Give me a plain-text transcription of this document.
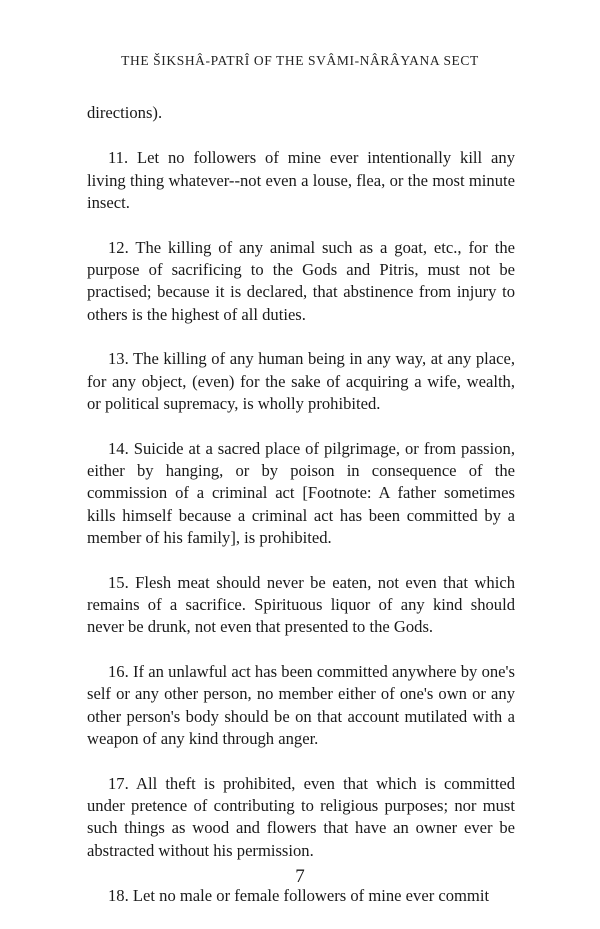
THE ŠIKSHÂ-PATRÎ OF THE SVÂMI-NÂRÂYANA SECT

directions).

11. Let no followers of mine ever intentionally kill any living thing whatever--not even a louse, flea, or the most minute insect.

12. The killing of any animal such as a goat, etc., for the purpose of sacrificing to the Gods and Pitris, must not be practised; because it is declared, that abstinence from injury to others is the highest of all duties.

13. The killing of any human being in any way, at any place, for any object, (even) for the sake of acquiring a wife, wealth, or political supremacy, is wholly prohibited.

14. Suicide at a sacred place of pilgrimage, or from passion, either by hanging, or by poison in consequence of the commission of a criminal act [Footnote: A father sometimes kills himself because a criminal act has been committed by a member of his family], is prohibited.

15. Flesh meat should never be eaten, not even that which remains of a sacrifice. Spirituous liquor of any kind should never be drunk, not even that presented to the Gods.

16. If an unlawful act has been committed anywhere by one's self or any other person, no member either of one's own or any other person's body should be on that account mutilated with a weapon of any kind through anger.

17. All theft is prohibited, even that which is committed under pretence of contributing to religious purposes; nor must such things as wood and flowers that have an owner ever be abstracted without his permission.

18. Let no male or female followers of mine ever commit

7
